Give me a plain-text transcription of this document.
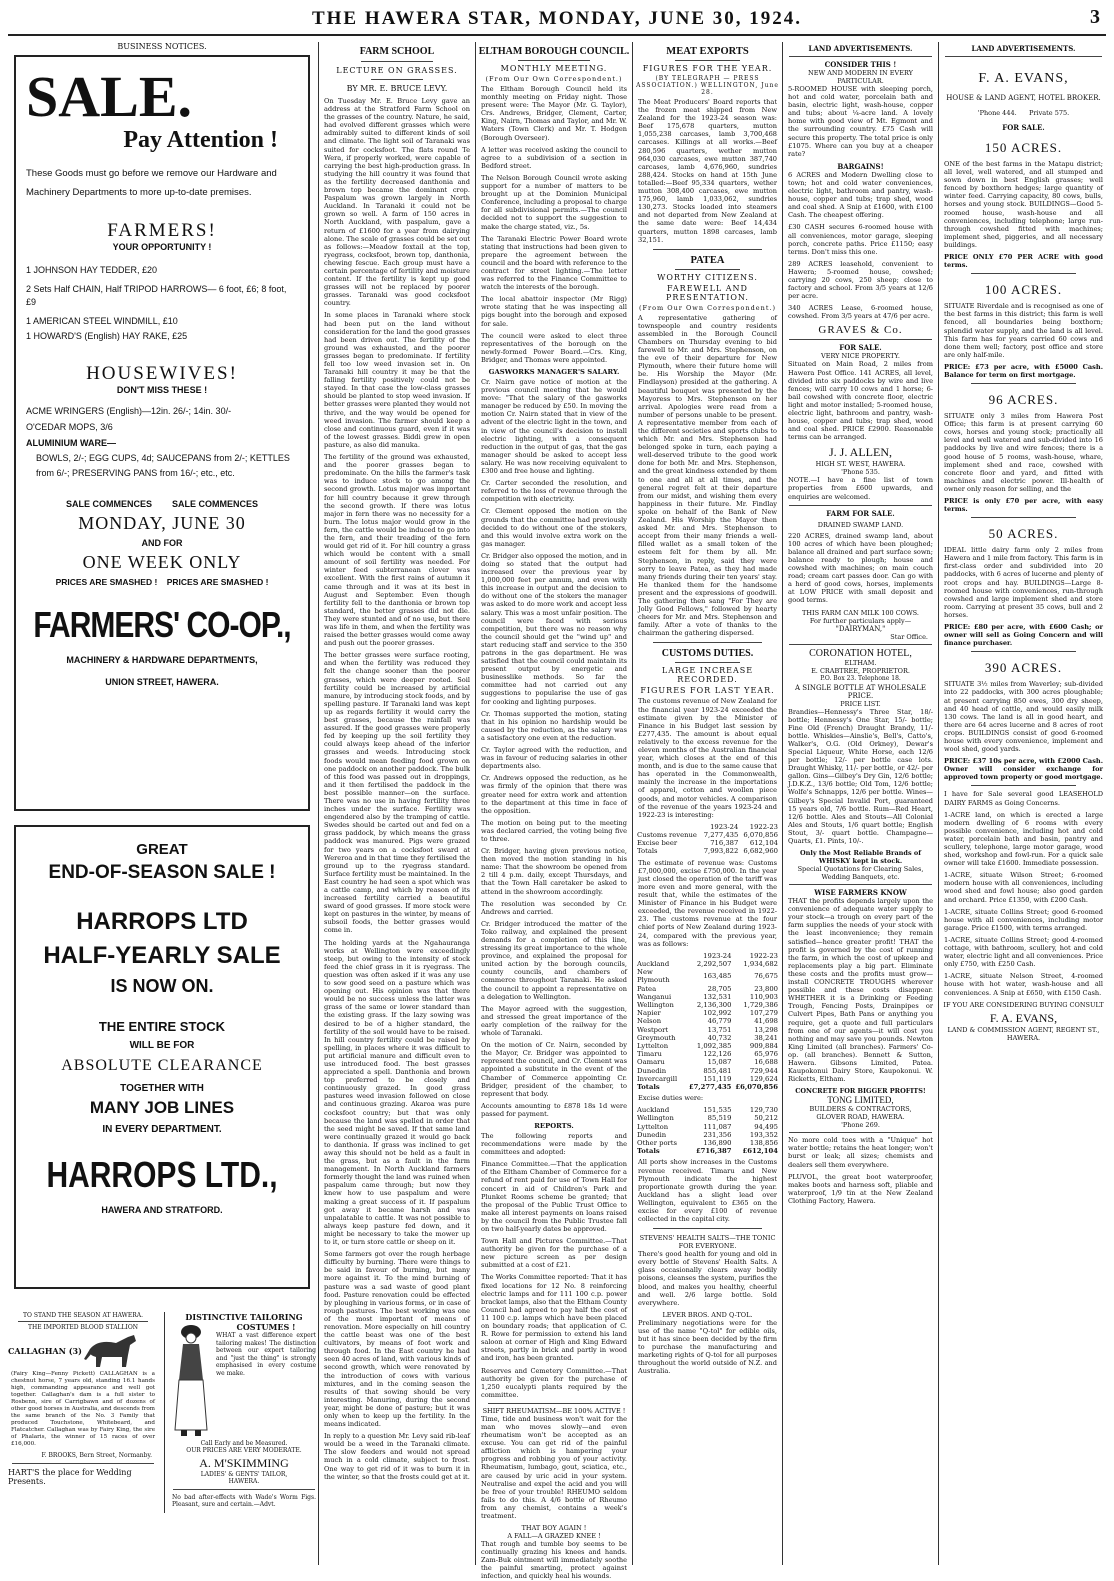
THE HAWERA STAR, MONDAY, JUNE 30, 1924.	3
BUSINESS NOTICES.
SALE.
Pay Attention !
These Goods must go before we remove our Hardware and Machinery Departments to more up-to-date premises.
FARMERS!
YOUR OPPORTUNITY !
1 JOHNSON HAY TEDDER, £20
2 Sets Half CHAIN, Half TRIPOD HARROWS— 6 foot, £6; 8 foot, £9
1 AMERICAN STEEL WINDMILL, £10
1 HOWARD'S (English) HAY RAKE, £25
HOUSEWIVES!
DON'T MISS THESE !
ACME WRINGERS (English)—12in. 26/-; 14in. 30/-
O'CEDAR MOPS, 3/6
ALUMINIUM WARE—
BOWLS, 2/-; EGG CUPS, 4d; SAUCEPANS from 2/-; KETTLES from 6/-; PRESERVING PANS from 16/-; etc., etc.
SALE COMMENCES        SALE COMMENCES
MONDAY, JUNE 30
AND FOR
ONE WEEK ONLY
PRICES ARE SMASHED !    PRICES ARE SMASHED !
FARMERS' CO-OP.,
MACHINERY & HARDWARE DEPARTMENTS,
UNION STREET, HAWERA.
GREAT
END-OF-SEASON SALE !
HARROPS LTD
HALF-YEARLY SALE
IS NOW ON.
THE ENTIRE STOCK
WILL BE FOR
ABSOLUTE CLEARANCE
TOGETHER WITH
MANY JOB LINES
IN EVERY DEPARTMENT.
HARROPS LTD.,
HAWERA AND STRATFORD.
TO STAND THE SEASON AT HAWERA.
THE IMPORTED BLOOD STALLION
CALLAGHAN (3)
(Fairy King—Fenny Pickett) CALLAGHAN is a chestnut horse, 7 years old, standing 16.1 hands high, commanding appearance and well got together. Callaghan's dam is a full sister to Rosbenn, sire of Carrigbawn and of dozens of other good horses in Australia, and descends from the same branch of the No. 3 Family that produced Touchstone, Whitebeard, and Flatcatcher. Callaghan was by Fairy King, the sire of Phalaris, the winner of 15 races of over £16,000.
F. BROOKS, Bern Street, Normanby.
HART'S the place for Wedding Presents.
DISTINCTIVE TAILORING
COSTUMES !
WHAT a vast difference expert tailoring makes! The distinction between our expert tailoring and "just the thing" is strongly emphasised in every costume we make.
Call Early and be Measured.
OUR PRICES ARE VERY MODERATE.
A. M'SKIMMING
LADIES' & GENTS' TAILOR,
HAWERA.
No bad after-effects with Wade's Worm Figs. Pleasant, sure and certain.—Advt.
FARM SCHOOL
LECTURE ON GRASSES.
BY MR. E. BRUCE LEVY.
On Tuesday Mr. E. Bruce Levy gave an address at the Stratford Farm School on the grasses of the country. Nature, he said, had evolved different grasses which were admirably suited to different kinds of soil and climate. The light soil of Taranaki was suited for cocksfoot. The flats round Te Wera, if properly worked, were capable of carrying the best high-production grass. In studying the hill country it was found that as the fertility decreased danthonia and brown top became the dominant crop. Paspalum was grown largely in North Auckland. In Taranaki it could not be grown so well. A farm of 150 acres in North Auckland, with paspalum, gave a return of £1600 for a year from dairying alone. The scale of grasses could be set out as follows:—Meadow foxtail at the top, ryegrass, cocksfoot, brown top, danthonia, chewing fescue. Each group must have a certain percentage of fertility and moisture content. If the fertility is kept up good grasses will not be replaced by poorer grasses. Taranaki was good cocksfoot country.
In some places in Taranaki where stock had been put on the land without consideration for the land the good grasses had been driven out. The fertility of the ground was exhausted, and the poorer grasses began to predominate. If fertility fell too low weed invasion set in. On Taranaki hill country it may be that the falling fertility positively could not be stayed. In that case the low-class grasses should be planted to stop weed invasion. If better grasses were planted they would not thrive, and the way would be opened for weed invasion. The farmer should keep a close and continuous guard, even if it was of the lowest grasses. Biddi grew in open pasture, as also did manuka.
The fertility of the ground was exhausted, and the poorer grasses began to predominate. On the hills the farmer's task was to induce stock to go among the second growth. Lotus major was important for hill country because it grew through the second growth. If there was lotus major in fern there was no necessity for a burn. The lotus major would grow in the fern, the cattle would be induced to go into the fern, and their treading of the fern would get rid of it. For hill country a grass which would be content with a small amount of soil fertility was needed. For winter feed subterranean clover was excellent. With the first rains of autumn it came through and it was at its best in August and September. Even though fertility fell to the danthonia or brown top standard, the better grasses did not die. They were stunted and of no use, but there was life in them, and when the fertility was raised the better grasses would come away and push out the poorer grasses.
The better grasses were surface rooting, and when the fertility was reduced they felt the change sooner than the poorer grasses, which were deeper rooted. Soil fertility could be increased by artificial manure, by introducing stock foods, and by spelling pasture. If Taranaki land was kept up as regards fertility it would carry the best grasses, because the rainfall was assured. If the good grasses were properly fed by keeping up the soil fertility they could always keep ahead of the inferior grasses and weeds. Introducing stock foods would mean feeding food grown on one paddock on another paddock. The bulk of this food was passed out in droppings, and it then fertilised the paddock in the best possible manner—on the surface. There was no use in having fertility three inches under the surface. Fertility was engendered also by the tramping of cattle. Swedes should be carted out and fed on a grass paddock, by which means the grass paddock was manured. Pigs were grazed for two years on a cocksfoot sward at Wereroa and in that time they fertilised the ground up to the ryegrass standard. Surface fertility must be maintained. In the East country he had seen a spot which was a cattle camp, and which by reason of its increased fertility carried a beautiful sward of good grasses. If more stock were kept on pastures in the winter, by means of subsoil foods, the better grasses would come in.
The holding yards at the Ngahauranga works at Wellington were exceedingly steep, but owing to the intensity of stock feed the chief grass in it is ryegrass. The question was often asked if it was any use to sow good seed on a pasture which was opening out. His opinion was that there would be no success unless the latter was grass of the same or lower standard than the existing grass. If the lazy sowing was desired to be of a higher standard, the fertility of the soil would have to be raised. In hill country fertility could be raised by spelling, in places where it was difficult to put artificial manure and difficult even to use introduced food. The best grasses appreciated a spell. Danthonia and brown top preferred to be closely and continuously grazed. In good grass pastures weed invasion followed on close and continuous grazing. Akaroa was pure cocksfoot country; but that was only because the land was spelled in order that the seed might be saved. If that same land were continually grazed it would go back to danthonia. If grass was inclined to get away this should not be held as a fault in the grass, but as a fault in the farm management. In North Auckland farmers formerly thought the land was ruined when paspalum came through; but now they knew how to use paspalum and were making a great success of it. If paspalum got away it became harsh and was unpalatable to cattle. It was not possible to always keep pasture fed down, and it might be necessary to take the mower up to it, or turn store cattle or sheep on it.
Some farmers got over the rough herbage difficulty by burning. There were things to be said in favour of burning, but many more against it. To the mind burning of pasture was a sad waste of good plant food. Pasture renovation could be effected by ploughing in various forms, or in case of rough pastures. The best working was one of the most important of means of renovation. More especially on hill country the cattle beast was one of the best cultivators, by means of foot work and through food. In the East country he had seen 40 acres of land, with various kinds of second growth, which were renovated by the introduction of cows with various mixtures, and in the coming season the results of that sowing should be very interesting. Manuring, during the second year, might be done of pasture; but it was only when to keep up the fertility. In the means indicated.
In reply to a question Mr. Levy said rib-leaf would be a weed in the Taranaki climate. The slow feeders and would not spread much in a cold climate, subject to frost. One way to get rid of it was to burn it in the winter, so that the frosts could get at it.
ELTHAM BOROUGH COUNCIL.
MONTHLY MEETING.
(From Our Own Correspondent.)
The Eltham Borough Council held its monthly meeting on Friday night. Those present were: The Mayor (Mr. G. Taylor), Crs. Andrews, Bridger, Clement, Carter, King, Nairn, Thomas and Taylor, and Mr. W. Waters (Town Clerk) and Mr. T. Hodgen (Borough Overseer).
A letter was received asking the council to agree to a subdivision of a section in Bedford street.
The Nelson Borough Council wrote asking support for a number of matters to be brought up at the Dominion Municipal Conference, including a proposal to charge for all subdivisional permits.—The council decided not to support the suggestion to make the charge stated, viz., 5s.
The Taranaki Electric Power Board wrote stating that instructions had been given to prepare the agreement between the council and the board with reference to the contract for street lighting.—The letter was referred to the Finance Committee to watch the interests of the borough.
The local abattoir inspector (Mr Rigg) wrote stating that he was inspecting all pigs bought into the borough and exposed for sale.
The council were asked to elect three representatives of the borough on the newly-formed Power Board.—Crs. King, Bridger, and Thomas were appointed.
GASWORKS MANAGER'S SALARY.
Cr. Nairn gave notice of motion at the previous council meeting that he would move: "That the salary of the gasworks manager be reduced by £50. In moving the motion Cr. Nairn stated that in view of the advent of the electric light in the town, and in view of the council's decision to install electric lighting, with a consequent reduction in the output of gas, that the gas manager should be asked to accept less salary. He was now receiving equivalent to £300 and free house and lighting.
Cr. Carter seconded the resolution, and referred to the loss of revenue through the competition with electricity.
Cr. Clement opposed the motion on the grounds that the committee had previously decided to do without one of the stokers, and this would involve extra work on the gas manager.
Cr. Bridger also opposed the motion, and in doing so stated that the output had increased over the previous year by 1,000,000 feet per annum, and even with this increase in output and the decision to do without one of the stokers the manager was asked to do more work and accept less salary. This was a most unfair position. The council were faced with serious competition, but there was no reason why the council should get the "wind up" and start reducing staff and service to the 350 patrons in the gas department. He was satisfied that the council could maintain its present output by energetic and businesslike methods. So far the committee had not carried out any suggestions to popularise the use of gas for cooking and lighting purposes.
Cr. Thomas supported the motion, stating that in his opinion no hardship would be caused by the reduction, as the salary was a satisfactory one even at the reduction.
Cr. Taylor agreed with the reduction, and was in favour of reducing salaries in other departments also.
Cr. Andrews opposed the reduction, as he was firmly of the opinion that there was greater need for extra work and attention to the department at this time in face of the opposition.
The motion on being put to the meeting was declared carried, the voting being five to three.
Cr. Bridger, having given previous notice, then moved the motion standing in his name: That the showroom be opened from 2 till 4 p.m. daily, except Thursdays, and that the Town Hall caretaker be asked to attend in the showroom accordingly.
The resolution was seconded by Cr. Andrews and carried.
Cr. Bridger introduced the matter of the Toko railway, and explained the present demands for a completion of this line, stressing its great importance to the whole province, and explained the proposal for united action by the borough councils, county councils, and chambers of commerce throughout Taranaki. He asked the council to appoint a representative on a delegation to Wellington.
The Mayor agreed with the suggestion, and stressed the great importance of the early completion of the railway for the whole of Taranaki.
On the motion of Cr. Nairn, seconded by the Mayor, Cr. Bridger was appointed to represent the council, and Cr. Clement was appointed a substitute in the event of the Chamber of Commerce appointing Cr. Bridger, president of the chamber, to represent that body.
Accounts amounting to £878 18s 1d were passed for payment.
REPORTS.
The following reports and recommendations were made by the committees and adopted:
Finance Committee.—That the application of the Eltham Chamber of Commerce for a refund of rent paid for use of Town Hall for concert in aid of Children's Park and Plunket Rooms scheme be granted; that the proposal of the Public Trust Office to make all interest payments on loans raised by the council from the Public Trustee fall on two half-yearly dates be approved.
Town Hall and Pictures Committee.—That authority be given for the purchase of a new picture screen as per design submitted at a cost of £21.
The Works Committee reported: That it has fixed locations for 12 No. 8 reinforcing electric lamps and for 111 100 c.p. power bracket lamps, also that the Eltham County Council had agreed to pay half the cost of 11 100 c.p. lamps which have been placed on boundary roads; that application of C. R. Rowe for permission to extend his land saloon at corner of High and King Edward streets, partly in brick and partly in wood and iron, has been granted.
Reserves and Cemetery Committee.—That authority be given for the purchase of 1,250 eucalypti plants required by the committee.
SHIFT RHEUMATISM—BE 100% ACTIVE !
Time, tide and business won't wait for the man who moves slowly—and even rheumatism won't be accepted as an excuse. You can get rid of the painful affliction which is hampering your progress and robbing you of your activity. Rheumatism, lumbago, gout, sciatica, etc., are caused by uric acid in your system. Neutralise and expel the acid and you will be free of your trouble! RHEUMO seldom fails to do this. A 4/6 bottle of Rheumo from any chemist, contains a week's treatment.
THAT BOY AGAIN !
A FALL—A GRAZED KNEE !
That rough and tumble boy seems to be continually grazing his knees and hands. Zam-Buk ointment will immediately soothe the painful smarting, protect against infection, and quickly heal his wounds.
MEAT EXPORTS
FIGURES FOR THE YEAR.
(BY TELEGRAPH — PRESS ASSOCIATION.) WELLINGTON, June 28.
The Meat Producers' Board reports that the frozen meat shipped from New Zealand for the 1923-24 season was: Beef 175,678 quarters, mutton 1,055,238 carcases, lamb 3,700,468 carcases. Killings at all works.—Beef 280,596 quarters, wether mutton 964,030 carcases, ewe mutton 387,740 carcases, lamb 4,676,960, sundries 288,424. Stocks on hand at 15th June totalled:—Beef 95,334 quarters, wether mutton 308,400 carcases, ewe mutton 175,960, lamb 1,033,062, sundries 130,273. Stocks loaded into steamers and not departed from New Zealand at the same date were: Beef 14,434 quarters, mutton 1898 carcases, lamb 32,151.
PATEA
WORTHY CITIZENS.
FAREWELL AND PRESENTATION.
(From Our Own Correspondent.)
A representative gathering of townspeople and country residents assembled in the Borough Council Chambers on Thursday evening to bid farewell to Mr. and Mrs. Stephenson, on the eve of their departure for New Plymouth, where their future home will be. His Worship the Mayor (Mr. Findlayson) presided at the gathering. A beautiful bouquet was presented by the Mayoress to Mrs. Stephenson on her arrival. Apologies were read from a number of persons unable to be present. A representative member from each of the different societies and sports clubs to which Mr. and Mrs. Stephenson had belonged spoke in turn, each paying a well-deserved tribute to the good work done for both Mr. and Mrs. Stephenson, and the great kindness extended by them to one and all at all times, and the general regret felt at their departure from our midst, and wishing them every happiness in their future. Mr. Findlay spoke on behalf of the Bank of New Zealand. His Worship the Mayor then asked Mr. and Mrs. Stephenson to accept from their many friends a well-filled wallet as a small token of the esteem felt for them by all. Mr. Stephenson, in reply, said they were sorry to leave Patea, as they had made many friends during their ten years' stay. He thanked them for the handsome present and the expressions of goodwill. The gathering then sang "For They are Jolly Good Fellows," followed by hearty cheers for Mr. and Mrs. Stephenson and family. After a vote of thanks to the chairman the gathering dispersed.
CUSTOMS DUTIES.
LARGE INCREASE RECORDED.
FIGURES FOR LAST YEAR.
The customs revenue of New Zealand for the financial year 1923-24 exceeded the estimate given by the Minister of Finance in his Budget last session by £277,435. The amount is about equal relatively to the excess revenue for the eleven months of the Australian financial year, which closes at the end of this month, and is due to the same cause that has operated in the Commonwealth, mainly the increase in the importations of apparel, cotton and woollen piece goods, and motor vehicles. A comparison of the revenue of the years 1923-24 and 1922-23 is interesting:
	1923-24	1922-23
Customs revenue	7,277,435	6,070,856
Excise beer	716,387	612,104
Totals	7,993,822	6,682,960
The estimate of revenue was: Customs £7,000,000, excise £750,000. In the year just closed the operation of the tariff was more even and more general, with the result that, while the estimates of the Minister of Finance in his Budget were exceeded, the revenue received in 1922-23. The customs revenue at the four chief ports of New Zealand during 1923-24, compared with the previous year, was as follows:
	1923-24	1922-23
Auckland	2,292,507	1,934,682
New Plymouth	163,485	76,675
Patea	28,705	23,800
Wanganui	132,531	110,903
Wellington	2,136,300	1,729,386
Napier	102,992	107,279
Nelson	46,779	41,698
Westport	13,751	13,298
Greymouth	40,732	38,241
Lyttelton	1,092,385	909,884
Timaru	122,126	65,976
Oamaru	15,087	16,688
Dunedin	855,481	729,944
Invercargill	151,119	129,624
Totals	£7,277,435	£6,070,856
Excise duties were:
Auckland	151,535	129,730
Wellington	85,519	50,212
Lyttelton	111,087	94,495
Dunedin	231,356	193,352
Other ports	136,890	138,856
Totals	£716,387	£612,104
All ports show increases in the Customs revenue received. Timaru and New Plymouth indicate the highest proportionate growth during the year. Auckland has a slight lead over Wellington, equivalent to £365 on the excise for every £100 of revenue collected in the capital city.
STEVENS' HEALTH SALTS—THE TONIC FOR EVERYONE.
There's good health for young and old in every bottle of Stevens' Health Salts. A glass occasionally clears away bodily poisons, cleanses the system, purifies the blood, and makes you healthy, cheerful and well. 2/6 large bottle. Sold everywhere.
LEVER BROS. AND Q-TOL.
Preliminary negotiations were for the use of the name "Q-tol" for edible oils, but it has since been decided by the firm to purchase the manufacturing and marketing rights of Q-tol for all purposes throughout the world outside of N.Z. and Australia.
LAND ADVERTISEMENTS.
CONSIDER THIS !
NEW AND MODERN IN EVERY PARTICULAR.
5-ROOMED HOUSE with sleeping porch, hot and cold water, porcelain bath and basin, electric light, wash-house, copper and tubs; about ¼-acre land. A lovely home with good view of Mt. Egmont and the surrounding country. £75 Cash will secure this property. The total price is only £1075. Where can you buy at a cheaper rate?
BARGAINS!
6 ACRES and Modern Dwelling close to town; hot and cold water conveniences, electric light, bathroom and pantry, wash-house, copper and tubs; trap shed, wood and coal shed. A Snip at £1600, with £100 Cash. The cheapest offering.
£30 CASH secures 6-roomed house with all conveniences, motor garage, sleeping porch, concrete paths. Price £1150; easy terms. Don't miss this one.
289 ACRES leasehold, convenient to Hawera; 5-roomed house, cowshed; carrying 20 cows, 250 sheep; close to factory and school. From 3/5 years at 12/6 per acre.
340 ACRES Lease, 6-roomed house, cowshed. From 3/5 years at 47/6 per acre.
GRAVES & Co.
FOR SALE.
VERY NICE PROPERTY.
Situated on Main Road, 2 miles from Hawera Post Office. 141 ACRES, all level, divided into six paddocks by wire and live fences; will carry 10 cows and 1 horse; 6-bail cowshed with concrete floor, electric light and motor installed; 5-roomed house, electric light, bathroom and pantry, wash-house, copper and tubs; trap shed, wood and coal shed. PRICE £2900. Reasonable terms can be arranged.
J. J. ALLEN,
HIGH ST. WEST, HAWERA.
'Phone 535.
NOTE.—I have a fine list of town properties from £600 upwards, and enquiries are welcomed.
FARM FOR SALE.
DRAINED SWAMP LAND.
220 ACRES, drained swamp land, about 100 acres of which have been ploughed; balance all drained and part surface sown; balance ready to plough; house and cowshed with machines; on main couch road; cream cart passes door. Can go with a herd of good cows, horses, implements at LOW PRICE with small deposit and good terms.
THIS FARM CAN MILK 100 COWS.
For further particulars apply—
"DAIRYMAN,"
Star Office.
CORONATION HOTEL,
ELTHAM.
E. CRABTREE, PROPRIETOR.
P.O. Box 23. Telephone 18.
A SINGLE BOTTLE AT WHOLESALE PRICE.
PRICE LIST.
Brandies—Hennessy's Three Star, 18/- bottle; Hennessy's One Star, 15/- bottle; Fine Old (French) Draught Brandy, 11/- bottle. Whiskies—Ainslie's, Bell's, Catto's, Walker's, O.G. (Old Orkney), Dewar's Special Liqueur, White Horse, each 12/6 per bottle; 12/- per bottle case lots. Draught Whisky, 11/- per bottle, or 42/- per gallon. Gins—Gilbey's Dry Gin, 12/6 bottle; J.D.K.Z., 13/6 bottle; Old Tom, 12/6 bottle; Wolfe's Schnapps, 12/6 per bottle. Wines—Gilbey's Special Invalid Port, guaranteed 15 years old, 7/6 bottle. Rum—Red Heart, 12/6 bottle. Ales and Stouts—All Colonial Ales and Stouts, 1/6 quart bottle; English Stout, 3/- quart bottle. Champagne—Quarts, £1. Pints, 10/-.
Only the Most Reliable Brands of WHISKY kept in stock.
Special Quotations for Clearing Sales, Wedding Banquets, etc.
WISE FARMERS KNOW
THAT the profits depends largely upon the convenience of adequate water supply to your stock—a trough on every part of the farm supplies the needs of your stock with the least inconvenience; they remain satisfied—hence greater profit! THAT the profit is governed by the cost of running the farm, in which the cost of upkeep and replacements play a big part. Eliminate these costs and the profits must grow—install CONCRETE TROUGHS wherever possible and these costs disappear. WHETHER it is a Drinking or Feeding Trough, Fencing Posts, Drainpipes or Culvert Pipes, Bath Pans or anything you require, get a quote and full particulars from one of our agents—it will cost you nothing and may save you pounds. Newton King Limited (all branches). Farmers' Co-op. (all branches). Bennett & Sutton, Hawera. Gibsons Limited, Patea. Kaupokonui Dairy Store, Kaupokonui. W. Ricketts, Eltham.
CONCRETE FOR BIGGER PROFITS!
TONG LIMITED,
BUILDERS & CONTRACTORS,
GLOVER ROAD, HAWERA.
'Phone 269.
No more cold toes with a "Unique" hot water bottle; retains the heat longer; won't burst or leak; all sizes; chemists and dealers sell them everywhere.
PLUVOL, the great boot waterproofer, makes boots and harness soft, pliable and waterproof, 1/9 tin at the New Zealand Clothing Factory, Hawera.
LAND ADVERTISEMENTS.
F. A. EVANS,
HOUSE & LAND AGENT, HOTEL BROKER.
'Phone 444.      Private 575.
FOR SALE.
150 ACRES.
ONE of the best farms in the Matapu district; all level, well watered, and all stumped and sown down in best English grasses; well fenced by boxthorn hedges; large quantity of winter feed. Carrying capacity, 80 cows, bulls, horses and young stock. BUILDINGS—Good 5-roomed house, wash-house and all conveniences, including telephone; large run-through cowshed fitted with machines; implement shed, piggeries, and all necessary buildings.
PRICE ONLY £70 PER ACRE with good terms.
100 ACRES.
SITUATE Riverdale and is recognised as one of the best farms in this district; this farm is well fenced, all boundaries being boxthorn; splendid water supply, and the land is all level. This farm has for years carried 60 cows and done them well; factory, post office and store are only half-mile.
PRICE: £73 per acre, with £5000 Cash. Balance for term on first mortgage.
96 ACRES.
SITUATE only 3 miles from Hawera Post Office; this farm is at present carrying 60 cows, horses and young stock; practically all level and well watered and sub-divided into 16 paddocks by live and wire fences; there is a good house of 5 rooms, wash-house, whare, implement shed and race, cowshed with concrete floor and yard, and fitted with machines and electric power. Ill-health of owner only reason for selling, and the
PRICE is only £70 per acre, with easy terms.
50 ACRES.
IDEAL little dairy farm only 2 miles from Hawera and 1 mile from factory. This farm is in first-class order and subdivided into 20 paddocks, with 6 acres of lucerne and plenty of root crops and hay. BUILDINGS—Large 8-roomed house with conveniences, run-through cowshed and large implement shed and store room. Carrying at present 35 cows, bull and 2 horses.
PRICE: £80 per acre, with £600 Cash; or owner will sell as Going Concern and will finance purchaser.
390 ACRES.
SITUATE 3½ miles from Waverley; sub-divided into 22 paddocks, with 300 acres ploughable; at present carrying 850 ewes, 300 dry sheep, and 40 head of cattle, and would easily milk 130 cows. The land is all in good heart, and there are 64 acres lucerne and 8 acres of root crops. BUILDINGS consist of good 6-roomed house with every convenience, implement and wool shed, good yards.
PRICE: £37 10s per acre, with £2000 Cash. Owner will consider exchange for approved town property or good mortgage.
I have for Sale several good LEASEHOLD DAIRY FARMS as Going Concerns.
1-ACRE land, on which is erected a large modern dwelling of 6 rooms with every possible convenience, including hot and cold water, porcelain bath and basin, pantry and scullery, telephone, large motor garage, wood shed, workshop and fowl-run. For a quick sale owner will take £1600. Immediate possession.
1-ACRE, situate Wilson Street; 6-roomed modern house with all conveniences, including wood shed and fowl house; also good garden and orchard. Price £1350, with £200 Cash.
1-ACRE, situate Collins Street; good 6-roomed house with all conveniences, including motor garage. Price £1500, with terms arranged.
1-ACRE, situate Collins Street; good 4-roomed cottage, with bathroom, scullery, hot and cold water, electric light and all conveniences. Price only £750, with £250 Cash.
1-ACRE, situate Nelson Street, 4-roomed house with hot water, wash-house and all conveniences. A Snip at £650, with £150 Cash.
IF YOU ARE CONSIDERING BUYING CONSULT
F. A. EVANS,
LAND & COMMISSION AGENT, REGENT ST., HAWERA.
